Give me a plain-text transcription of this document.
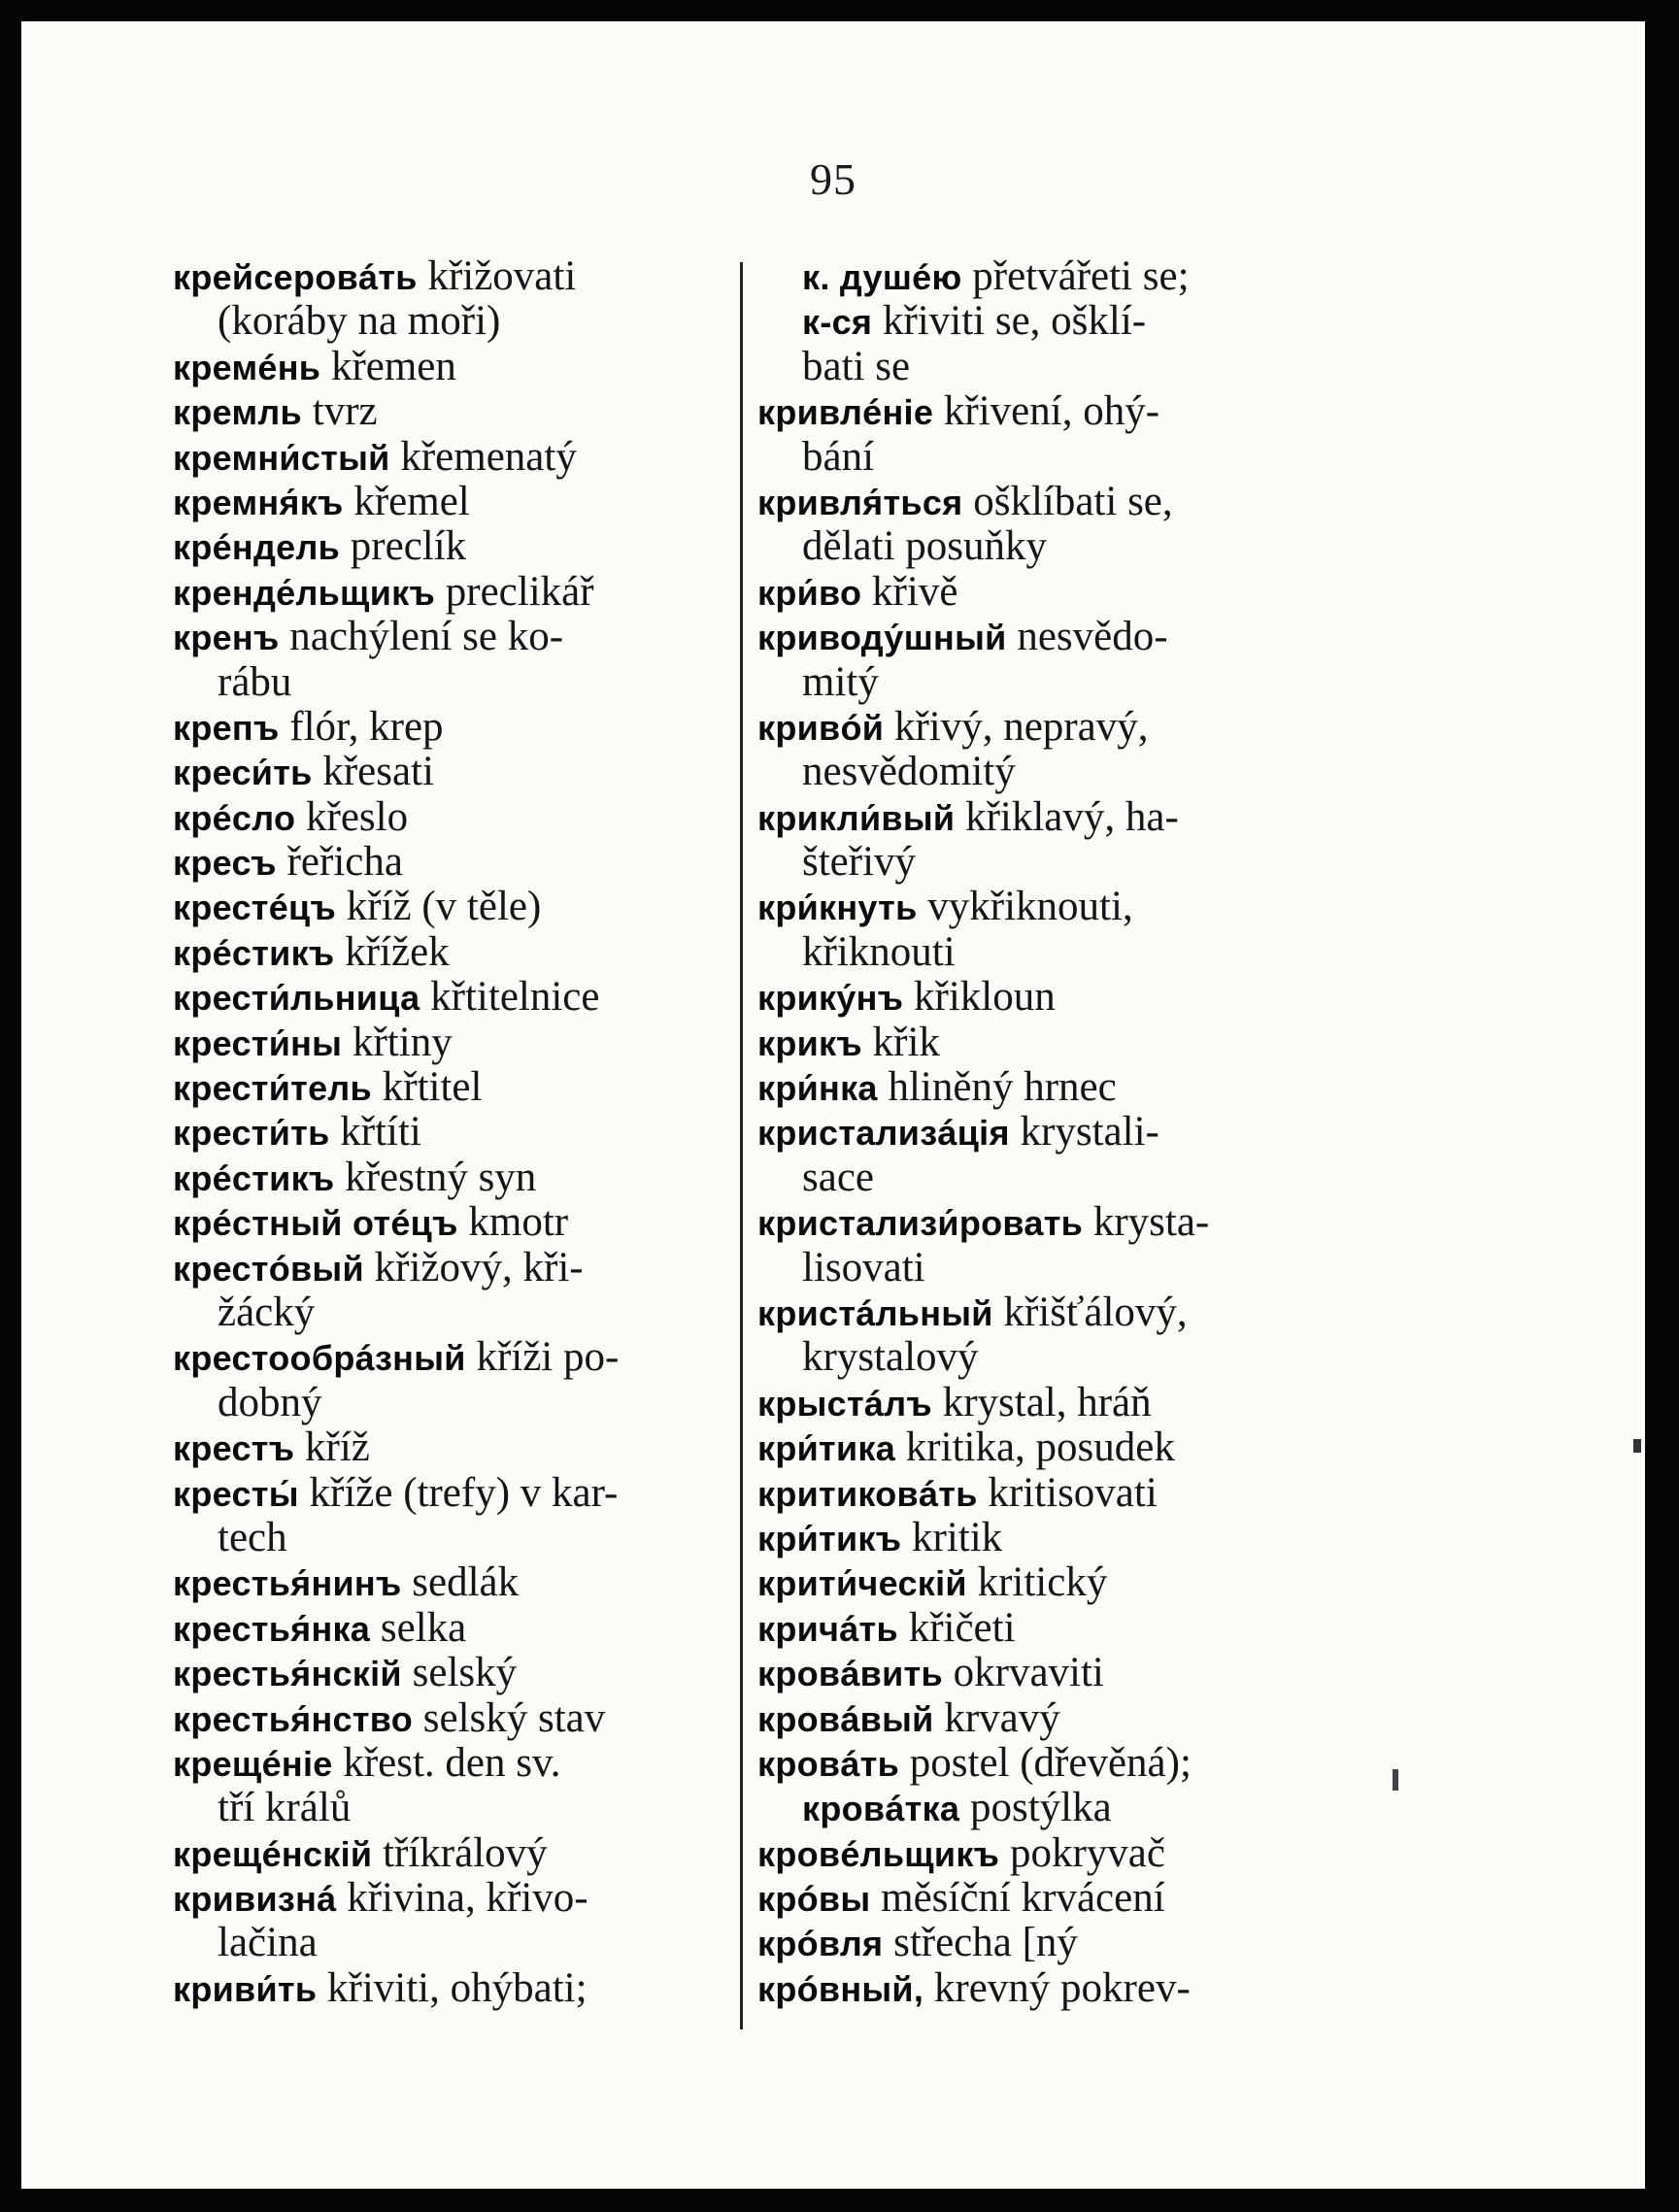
95
крейсеровáть křižovati
(koráby na moři)
кремéнь křemen
кремль tvrz
кремни́стый křemenatý
кремня́къ křemel
крéндель preclík
кренде́льщикъ preclikář
кренъ nachýlení se ko-
rábu
крепъ flór, krep
креси́ть křesati
крéсло křeslo
кресъ řeřicha
крестéцъ kříž (v těle)
крéстикъ křížek
крести́льница křtitelnice
крести́ны křtiny
крести́тель křtitel
крести́ть křtíti
крéстикъ křestný syn
крéстный отéцъ kmotr
крестóвый křižový, kři-
žácký
крестообрáзный kříži po-
dobný
крестъ kříž
кресты́ kříže (trefy) v kar-
tech
крестья́нинъ sedlák
крестья́нка selka
крестья́нскій selský
крестья́нство selský stav
крещéніе křest. den sv.
tří králů
крещéнскій tříkrálový
кривизнá křivina, křivo-
lačina
криви́ть křiviti, ohýbati;
к. душéю přetvářeti se;
к-ся křiviti se, ošklí-
bati se
кривлéніе křivení, ohý-
bání
кривля́ться ošklíbati se,
dělati posuňky
кри́во křivě
криводу́шный nesvědo-
mitý
кривóй křivý, nepravý,
nesvědomitý
крикли́вый křiklavý, ha-
šteřivý
кри́кнуть vykřiknouti,
křiknouti
крику́нъ křikloun
крикъ křik
кри́нка hliněný hrnec
кристализáція krystali-
sace
кристализи́ровать krysta-
lisovati
кристáльный křišťálový,
krystalový
крыстáлъ krystal, hráň
кри́тика kritika, posudek
критиковáть kritisovati
кри́тикъ kritik
крити́ческій kritický
кричáть křičeti
кровáвить okrvaviti
кровáвый krvavý
кровáть postel (dřevěná);
кровáтка postýlka
кровéльщикъ pokryvač
крóвы měsíční krvácení
крóвля střecha [ný
крóвный, krevný pokrev-
